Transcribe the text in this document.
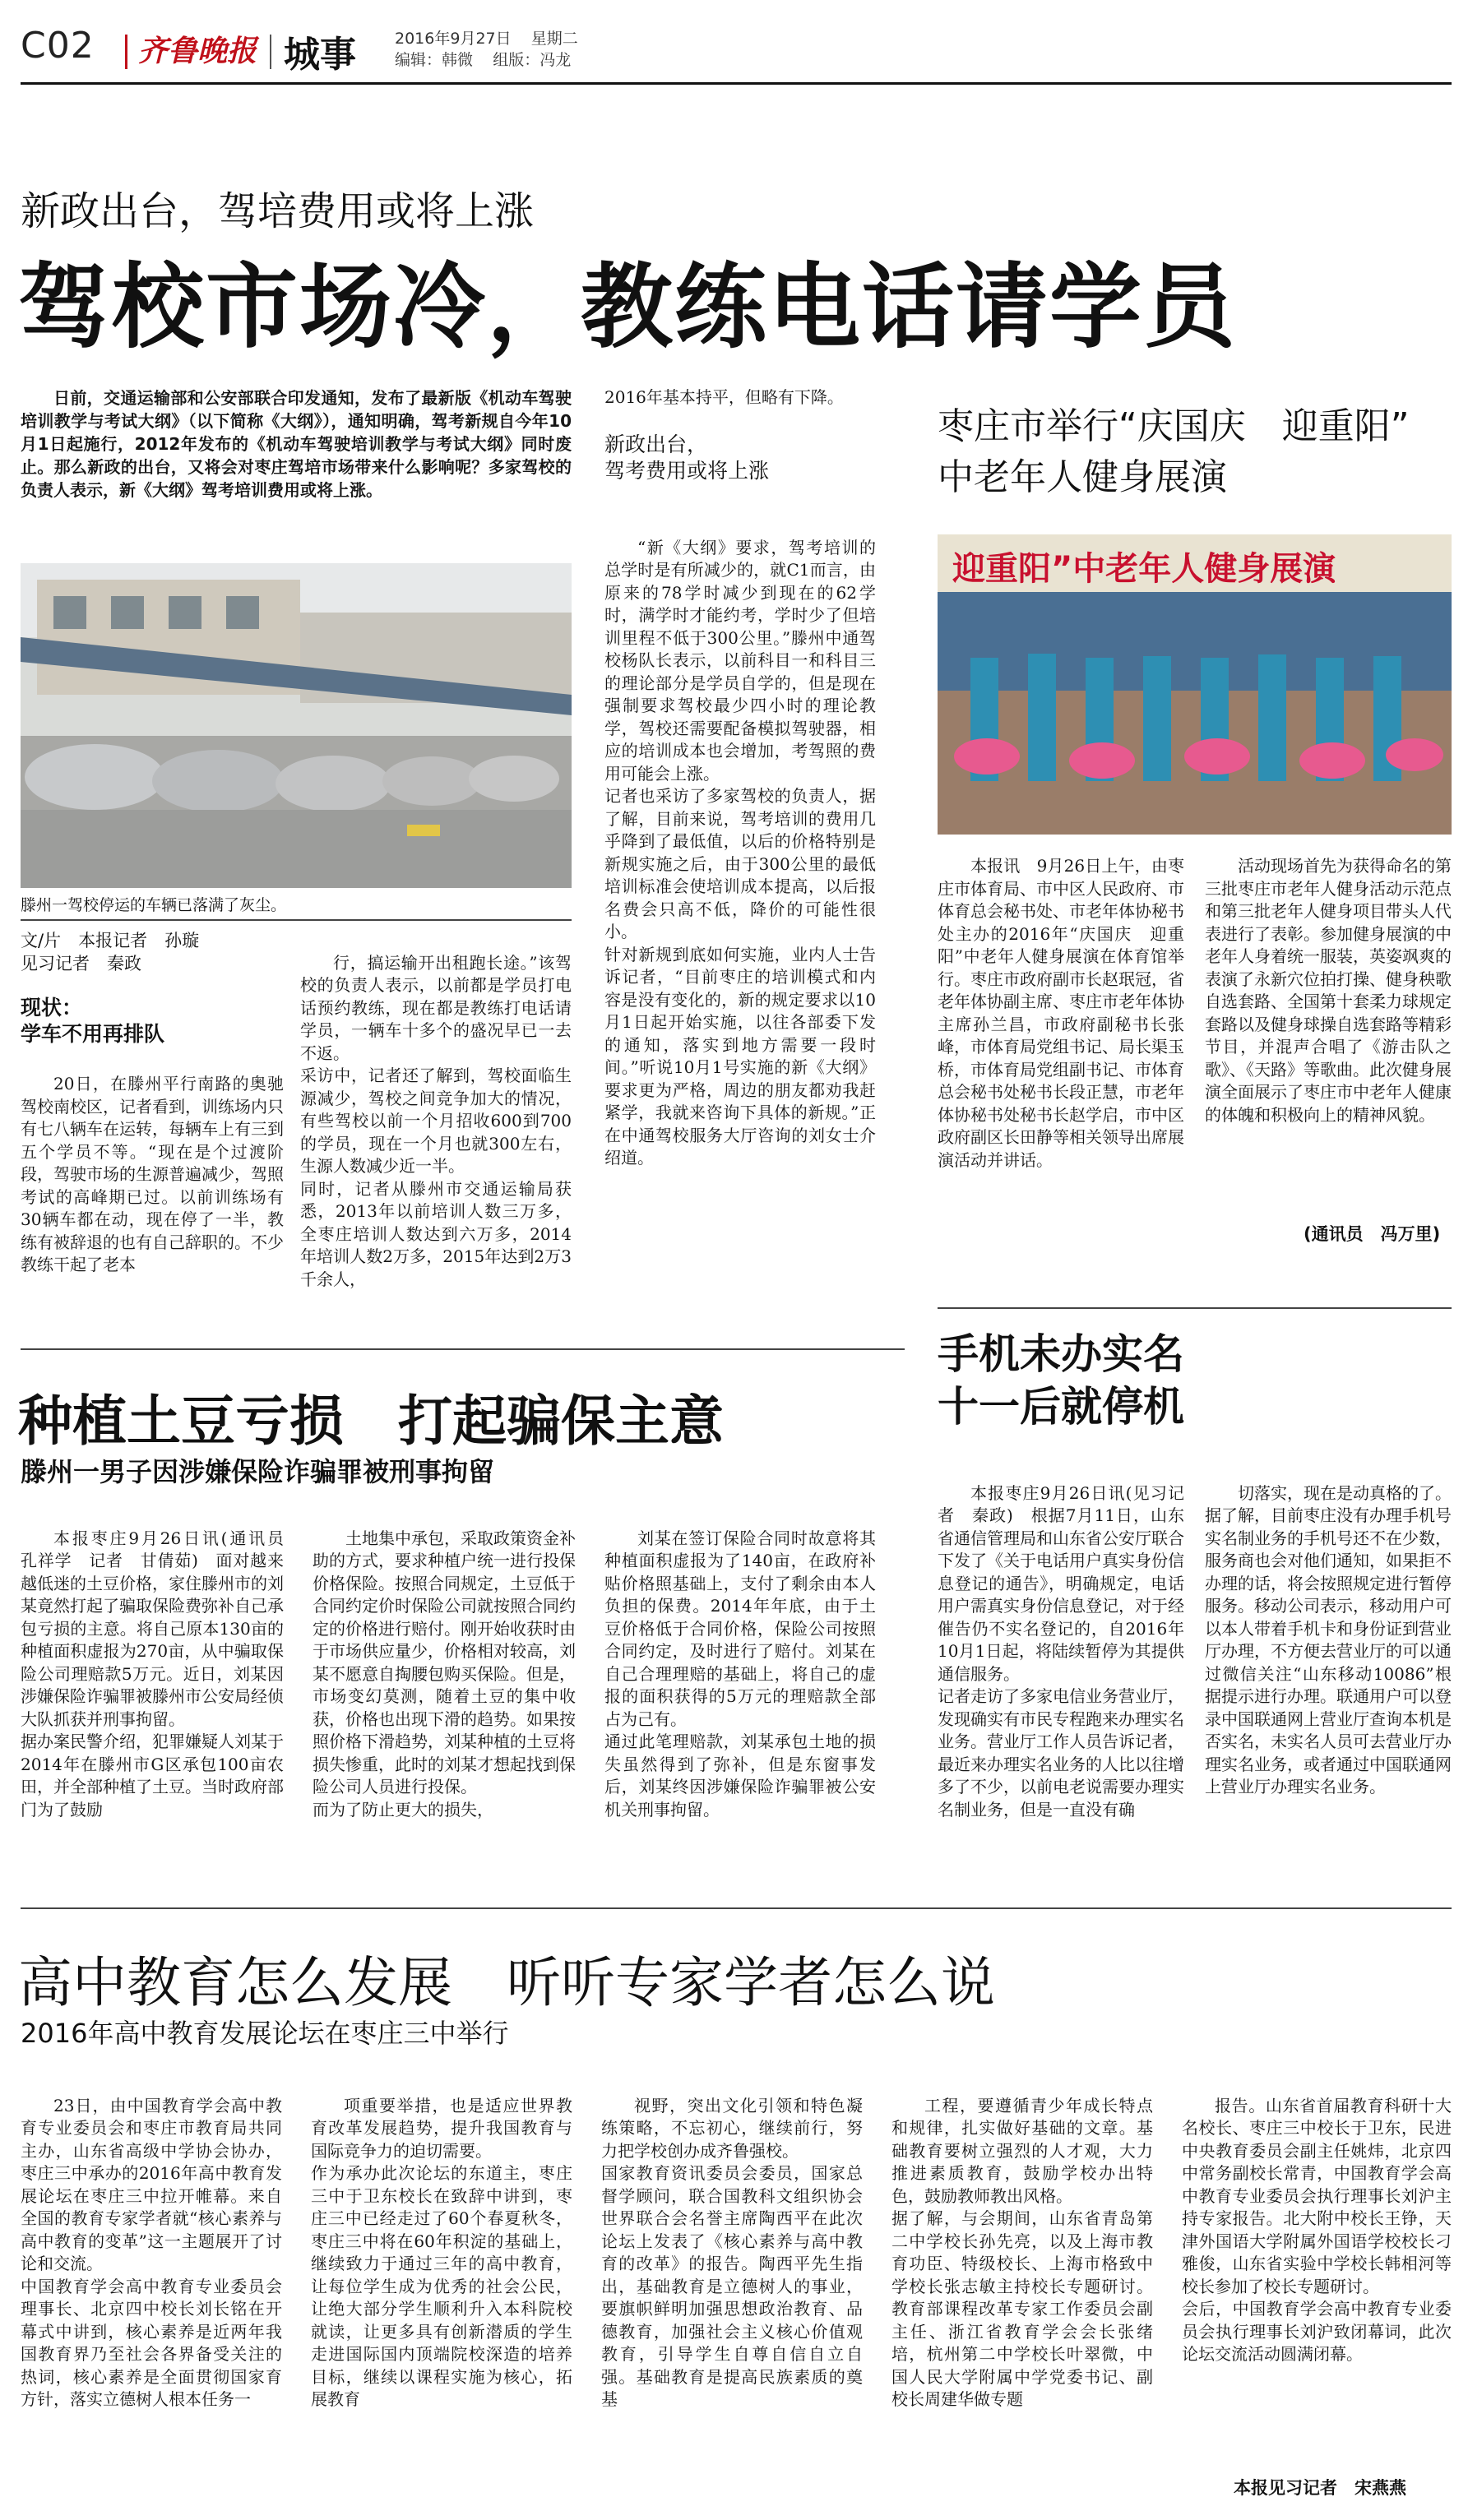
C02 齐鲁晚报 城事 2016年9月27日 星期二
编辑：韩微 组版：冯龙
新政出台，驾培费用或将上涨
驾校市场冷，教练电话请学员

日前，交通运输部和公安部联合印发通知，发布了最新版《机动车驾驶培训教学与考试大纲》（以下简称《大纲》），通知明确，驾考新规自今年10月1日起施行，2012年发布的《机动车驾驶培训教学与考试大纲》同时废止。那么新政的出台，又将会对枣庄驾培市场带来什么影响呢？多家驾校的负责人表示，新《大纲》驾考培训费用或将上涨。

滕州一驾校停运的车辆已落满了灰尘。
文/片　本报记者　孙璇
见习记者　秦政
现状：
学车不用再排队

20日，在滕州平行南路的奥驰驾校南校区，记者看到，训练场内只有七八辆车在运转，每辆车上有三到五个学员不等。“现在是个过渡阶段，驾驶市场的生源普遍减少，驾照考试的高峰期已过。以前训练场有30辆车都在动，现在停了一半，教练有被辞退的也有自己辞职的。不少教练干起了老本

行，搞运输开出租跑长途。”该驾校的负责人表示，以前都是学员打电话预约教练，现在都是教练打电话请学员，一辆车十多个的盛况早已一去不返。
采访中，记者还了解到，驾校面临生源减少，驾校之间竞争加大的情况，有些驾校以前一个月招收600到700的学员，现在一个月也就300左右，生源人数减少近一半。
同时，记者从滕州市交通运输局获悉，2013年以前培训人数三万多，全枣庄培训人数达到六万多，2014年培训人数2万多，2015年达到2万3千余人，

2016年基本持平，但略有下降。
新政出台，
驾考费用或将上涨

“新《大纲》要求，驾考培训的总学时是有所减少的，就C1而言，由原来的78学时减少到现在的62学时，满学时才能约考，学时少了但培训里程不低于300公里。”滕州中通驾校杨队长表示，以前科目一和科目三的理论部分是学员自学的，但是现在强制要求驾校最少四小时的理论教学，驾校还需要配备模拟驾驶器，相应的培训成本也会增加，考驾照的费用可能会上涨。
记者也采访了多家驾校的负责人，据了解，目前来说，驾考培训的费用几乎降到了最低值，以后的价格特别是新规实施之后，由于300公里的最低培训标准会使培训成本提高，以后报名费会只高不低，降价的可能性很小。
针对新规到底如何实施，业内人士告诉记者，“目前枣庄的培训模式和内容是没有变化的，新的规定要求以10月1日起开始实施，以往各部委下发的通知，落实到地方需要一段时间。”听说10月1号实施的新《大纲》要求更为严格，周边的朋友都劝我赶紧学，我就来咨询下具体的新规。”正在中通驾校服务大厅咨询的刘女士介绍道。

枣庄市举行“庆国庆　迎重阳”
中老年人健身展演
迎重阳”中老年人健身展演

本报讯　9月26日上午，由枣庄市体育局、市中区人民政府、市体育总会秘书处、市老年体协秘书处主办的2016年“庆国庆　迎重阳”中老年人健身展演在体育馆举行。枣庄市政府副市长赵珉冠，省老年体协副主席、枣庄市老年体协主席孙兰昌，市政府副秘书长张峰，市体育局党组书记、局长渠玉桥，市体育局党组副书记、市体育总会秘书处秘书长段正慧，市老年体协秘书处秘书长赵学启，市中区政府副区长田静等相关领导出席展演活动并讲话。

活动现场首先为获得命名的第三批枣庄市老年人健身活动示范点和第三批老年人健身项目带头人代表进行了表彰。参加健身展演的中老年人身着统一服装，英姿飒爽的表演了永新穴位拍打操、健身秧歌自选套路、全国第十套柔力球规定套路以及健身球操自选套路等精彩节目，并混声合唱了《游击队之歌》、《天路》等歌曲。此次健身展演全面展示了枣庄市中老年人健康的体魄和积极向上的精神风貌。

(通讯员　冯万里)
种植土豆亏损　打起骗保主意
滕州一男子因涉嫌保险诈骗罪被刑事拘留

本报枣庄9月26日讯(通讯员　孔祥学　记者　甘倩茹)　面对越来越低迷的土豆价格，家住滕州市的刘某竟然打起了骗取保险费弥补自己承包亏损的主意。将自己原本130亩的种植面积虚报为270亩，从中骗取保险公司理赔款5万元。近日，刘某因涉嫌保险诈骗罪被滕州市公安局经侦大队抓获并刑事拘留。
据办案民警介绍，犯罪嫌疑人刘某于2014年在滕州市G区承包100亩农田，并全部种植了土豆。当时政府部门为了鼓励

土地集中承包，采取政策资金补助的方式，要求种植户统一进行投保价格保险。按照合同规定，土豆低于合同约定价时保险公司就按照合同约定的价格进行赔付。刚开始收获时由于市场供应量少，价格相对较高，刘某不愿意自掏腰包购买保险。但是，市场变幻莫测，随着土豆的集中收获，价格也出现下滑的趋势。如果按照价格下滑趋势，刘某种植的土豆将损失惨重，此时的刘某才想起找到保险公司人员进行投保。
而为了防止更大的损失，

刘某在签订保险合同时故意将其种植面积虚报为了140亩，在政府补贴价格照基础上，支付了剩余由本人负担的保费。2014年年底，由于土豆价格低于合同价格，保险公司按照合同约定，及时进行了赔付。刘某在自己合理理赔的基础上，将自己的虚报的面积获得的5万元的理赔款全部占为己有。
通过此笔理赔款，刘某承包土地的损失虽然得到了弥补，但是东窗事发后，刘某终因涉嫌保险诈骗罪被公安机关刑事拘留。

手机未办实名
十一后就停机

本报枣庄9月26日讯(见习记者　秦政)　根据7月11日，山东省通信管理局和山东省公安厅联合下发了《关于电话用户真实身份信息登记的通告》，明确规定，电话用户需真实身份信息登记，对于经催告仍不实名登记的，自2016年10月1日起，将陆续暂停为其提供通信服务。
记者走访了多家电信业务营业厅，发现确实有市民专程跑来办理实名业务。营业厅工作人员告诉记者，最近来办理实名业务的人比以往增多了不少，以前电老说需要办理实名制业务，但是一直没有确

切落实，现在是动真格的了。
据了解，目前枣庄没有办理手机号实名制业务的手机号还不在少数，服务商也会对他们通知，如果拒不办理的话，将会按照规定进行暂停服务。移动公司表示，移动用户可以本人带着手机卡和身份证到营业厅办理，不方便去营业厅的可以通过微信关注“山东移动10086”根据提示进行办理。联通用户可以登录中国联通网上营业厅查询本机是否实名，未实名人员可去营业厅办理实名业务，或者通过中国联通网上营业厅办理实名业务。

高中教育怎么发展　听听专家学者怎么说
2016年高中教育发展论坛在枣庄三中举行

23日，由中国教育学会高中教育专业委员会和枣庄市教育局共同主办，山东省高级中学协会协办，枣庄三中承办的2016年高中教育发展论坛在枣庄三中拉开帷幕。来自全国的教育专家学者就“核心素养与高中教育的变革”这一主题展开了讨论和交流。
中国教育学会高中教育专业委员会理事长、北京四中校长刘长铭在开幕式中讲到，核心素养是近两年我国教育界乃至社会各界备受关注的热词，核心素养是全面贯彻国家育方针，落实立德树人根本任务一

项重要举措，也是适应世界教育改革发展趋势，提升我国教育与国际竞争力的迫切需要。
作为承办此次论坛的东道主，枣庄三中于卫东校长在致辞中讲到，枣庄三中已经走过了60个春夏秋冬，枣庄三中将在60年积淀的基础上，继续致力于通过三年的高中教育，让每位学生成为优秀的社会公民，让绝大部分学生顺利升入本科院校就读，让更多具有创新潜质的学生走进国际国内顶端院校深造的培养目标，继续以课程实施为核心，拓展教育

视野，突出文化引领和特色凝练策略，不忘初心，继续前行，努力把学校创办成齐鲁强校。
国家教育资讯委员会委员，国家总督学顾问，联合国教科文组织协会世界联合会名誉主席陶西平在此次论坛上发表了《核心素养与高中教育的改革》的报告。陶西平先生指出，基础教育是立德树人的事业，要旗帜鲜明加强思想政治教育、品德教育，加强社会主义核心价值观教育，引导学生自尊自信自立自强。基础教育是提高民族素质的奠基

工程，要遵循青少年成长特点和规律，扎实做好基础的文章。基础教育要树立强烈的人才观，大力推进素质教育，鼓励学校办出特色，鼓励教师教出风格。
据了解，与会期间，山东省青岛第二中学校长孙先亮，以及上海市教育功臣、特级校长、上海市格致中学校长张志敏主持校长专题研讨。教育部课程改革专家工作委员会副主任、浙江省教育学会会长张绪培，杭州第二中学校长叶翠微，中国人民大学附属中学党委书记、副校长周建华做专题

报告。山东省首届教育科研十大名校长、枣庄三中校长于卫东，民进中央教育委员会副主任姚炜，北京四中常务副校长常青，中国教育学会高中教育专业委员会执行理事长刘沪主持专家报告。北大附中校长王铮，天津外国语大学附属外国语学校校长刁雅俊，山东省实验中学校长韩相河等校长参加了校长专题研讨。
会后，中国教育学会高中教育专业委员会执行理事长刘沪致闭幕词，此次论坛交流活动圆满闭幕。

本报见习记者　宋燕燕
